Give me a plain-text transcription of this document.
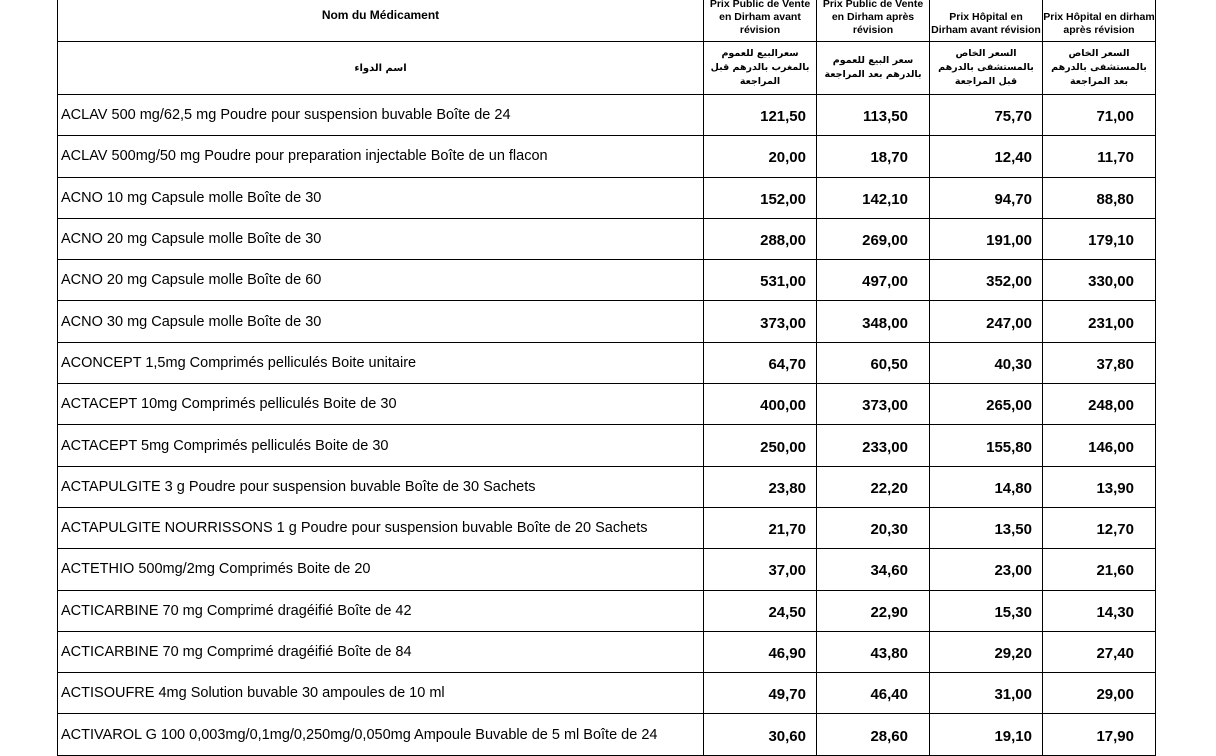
Nom du Médicament	Prix Public de Vente en Dirham avant révision	Prix Public de Vente en Dirham après révision	Prix Hôpital en Dirham avant révision	Prix Hôpital en dirham après révision
اسم الدواء	سعرالبيع للعموم بالمغرب بالدرهم قبل المراجعة	سعر البيع للعموم بالدرهم بعد المراجعة	السعر الخاص بالمستشفى بالدرهم قبل المراجعة	السعر الخاص بالمستشفى بالدرهم بعد المراجعة
ACLAV 500 mg/62,5 mg Poudre pour suspension buvable Boîte de 24	121,50	113,50	75,70	71,00
ACLAV 500mg/50 mg Poudre pour preparation injectable Boîte de un flacon	20,00	18,70	12,40	11,70
ACNO 10 mg Capsule molle Boîte de 30	152,00	142,10	94,70	88,80
ACNO 20 mg Capsule molle Boîte de 30	288,00	269,00	191,00	179,10
ACNO 20 mg Capsule molle Boîte de 60	531,00	497,00	352,00	330,00
ACNO 30 mg Capsule molle Boîte de 30	373,00	348,00	247,00	231,00
ACONCEPT 1,5mg Comprimés pelliculés Boite unitaire	64,70	60,50	40,30	37,80
ACTACEPT 10mg Comprimés pelliculés Boite de 30	400,00	373,00	265,00	248,00
ACTACEPT 5mg Comprimés pelliculés Boite de 30	250,00	233,00	155,80	146,00
ACTAPULGITE 3 g Poudre pour suspension buvable Boîte de 30 Sachets	23,80	22,20	14,80	13,90
ACTAPULGITE NOURRISSONS 1 g Poudre pour suspension buvable Boîte de 20 Sachets	21,70	20,30	13,50	12,70
ACTETHIO 500mg/2mg Comprimés Boite de 20	37,00	34,60	23,00	21,60
ACTICARBINE 70 mg Comprimé dragéifié Boîte de 42	24,50	22,90	15,30	14,30
ACTICARBINE 70 mg Comprimé dragéifié Boîte de 84	46,90	43,80	29,20	27,40
ACTISOUFRE 4mg Solution buvable 30 ampoules de 10 ml	49,70	46,40	31,00	29,00
ACTIVAROL G 100 0,003mg/0,1mg/0,250mg/0,050mg Ampoule Buvable de 5 ml Boîte de 24	30,60	28,60	19,10	17,90
